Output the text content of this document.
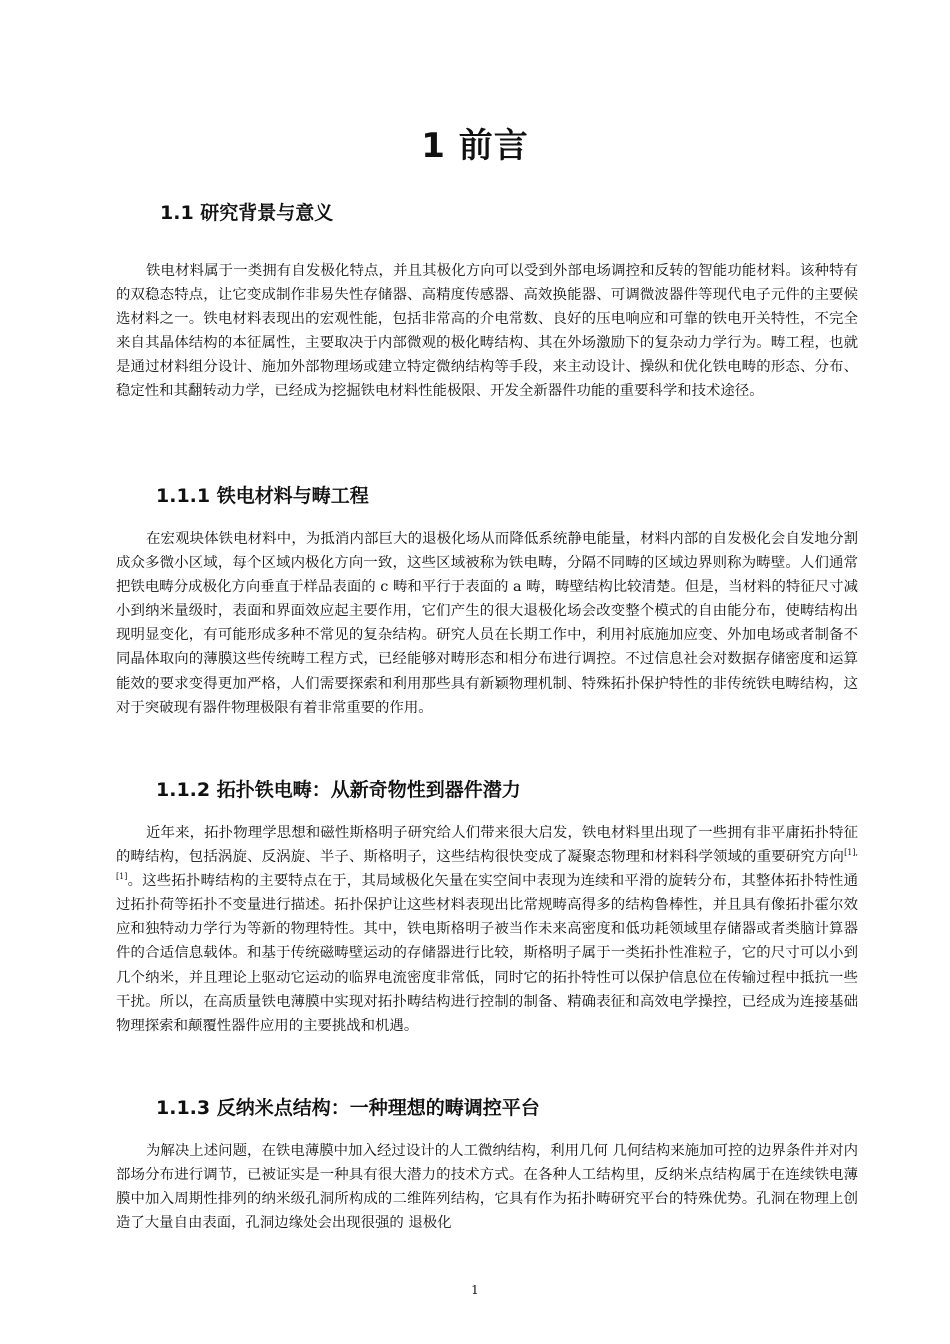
1 前言
1.1 研究背景与意义

铁电材料属于一类拥有自发极化特点，并且其极化方向可以受到外部电场调控和反转的智能功能材料。该种特有的双稳态特点，让它变成制作非易失性存储器、高精度传感器、高效换能器、可调微波器件等现代电子元件的主要候选材料之一。铁电材料表现出的宏观性能，包括非常高的介电常数、良好的压电响应和可靠的铁电开关特性，不完全来自其晶体结构的本征属性，主要取决于内部微观的极化畴结构、其在外场激励下的复杂动力学行为。畴工程，也就是通过材料组分设计、施加外部物理场或建立特定微纳结构等手段，来主动设计、操纵和优化铁电畴的形态、分布、稳定性和其翻转动力学，已经成为挖掘铁电材料性能极限、开发全新器件功能的重要科学和技术途径。

1.1.1 铁电材料与畴工程

在宏观块体铁电材料中，为抵消内部巨大的退极化场从而降低系统静电能量，材料内部的自发极化会自发地分割成众多微小区域，每个区域内极化方向一致，这些区域被称为铁电畴，分隔不同畴的区域边界则称为畴壁。人们通常把铁电畴分成极化方向垂直于样品表面的 c 畴和平行于表面的 a 畴，畴壁结构比较清楚。但是，当材料的特征尺寸减小到纳米量级时，表面和界面效应起主要作用，它们产生的很大退极化场会改变整个模式的自由能分布，使畴结构出现明显变化，有可能形成多种不常见的复杂结构。研究人员在长期工作中，利用衬底施加应变、外加电场或者制备不同晶体取向的薄膜这些传统畴工程方式，已经能够对畴形态和相分布进行调控。不过信息社会对数据存储密度和运算能效的要求变得更加严格，人们需要探索和利用那些具有新颖物理机制、特殊拓扑保护特性的非传统铁电畴结构，这对于突破现有器件物理极限有着非常重要的作用。

1.1.2 拓扑铁电畴：从新奇物性到器件潜力

近年来，拓扑物理学思想和磁性斯格明子研究给人们带来很大启发，铁电材料里出现了一些拥有非平庸拓扑特征的畴结构，包括涡旋、反涡旋、半子、斯格明子，这些结构很快变成了凝聚态物理和材料科学领域的重要研究方向[1],[1]。这些拓扑畴结构的主要特点在于，其局域极化矢量在实空间中表现为连续和平滑的旋转分布，其整体拓扑特性通过拓扑荷等拓扑不变量进行描述。拓扑保护让这些材料表现出比常规畴高得多的结构鲁棒性，并且具有像拓扑霍尔效应和独特动力学行为等新的物理特性。其中，铁电斯格明子被当作未来高密度和低功耗领域里存储器或者类脑计算器件的合适信息载体。和基于传统磁畴壁运动的存储器进行比较，斯格明子属于一类拓扑性准粒子，它的尺寸可以小到几个纳米，并且理论上驱动它运动的临界电流密度非常低，同时它的拓扑特性可以保护信息位在传输过程中抵抗一些干扰。所以，在高质量铁电薄膜中实现对拓扑畴结构进行控制的制备、精确表征和高效电学操控，已经成为连接基础物理探索和颠覆性器件应用的主要挑战和机遇。

1.1.3 反纳米点结构：一种理想的畴调控平台

为解决上述问题，在铁电薄膜中加入经过设计的人工微纳结构，利用几何 几何结构来施加可控的边界条件并对内部场分布进行调节，已被证实是一种具有很大潜力的技术方式。在各种人工结构里，反纳米点结构属于在连续铁电薄膜中加入周期性排列的纳米级孔洞所构成的二维阵列结构，它具有作为拓扑畴研究平台的特殊优势。孔洞在物理上创造了大量自由表面，孔洞边缘处会出现很强的 退极化

1
